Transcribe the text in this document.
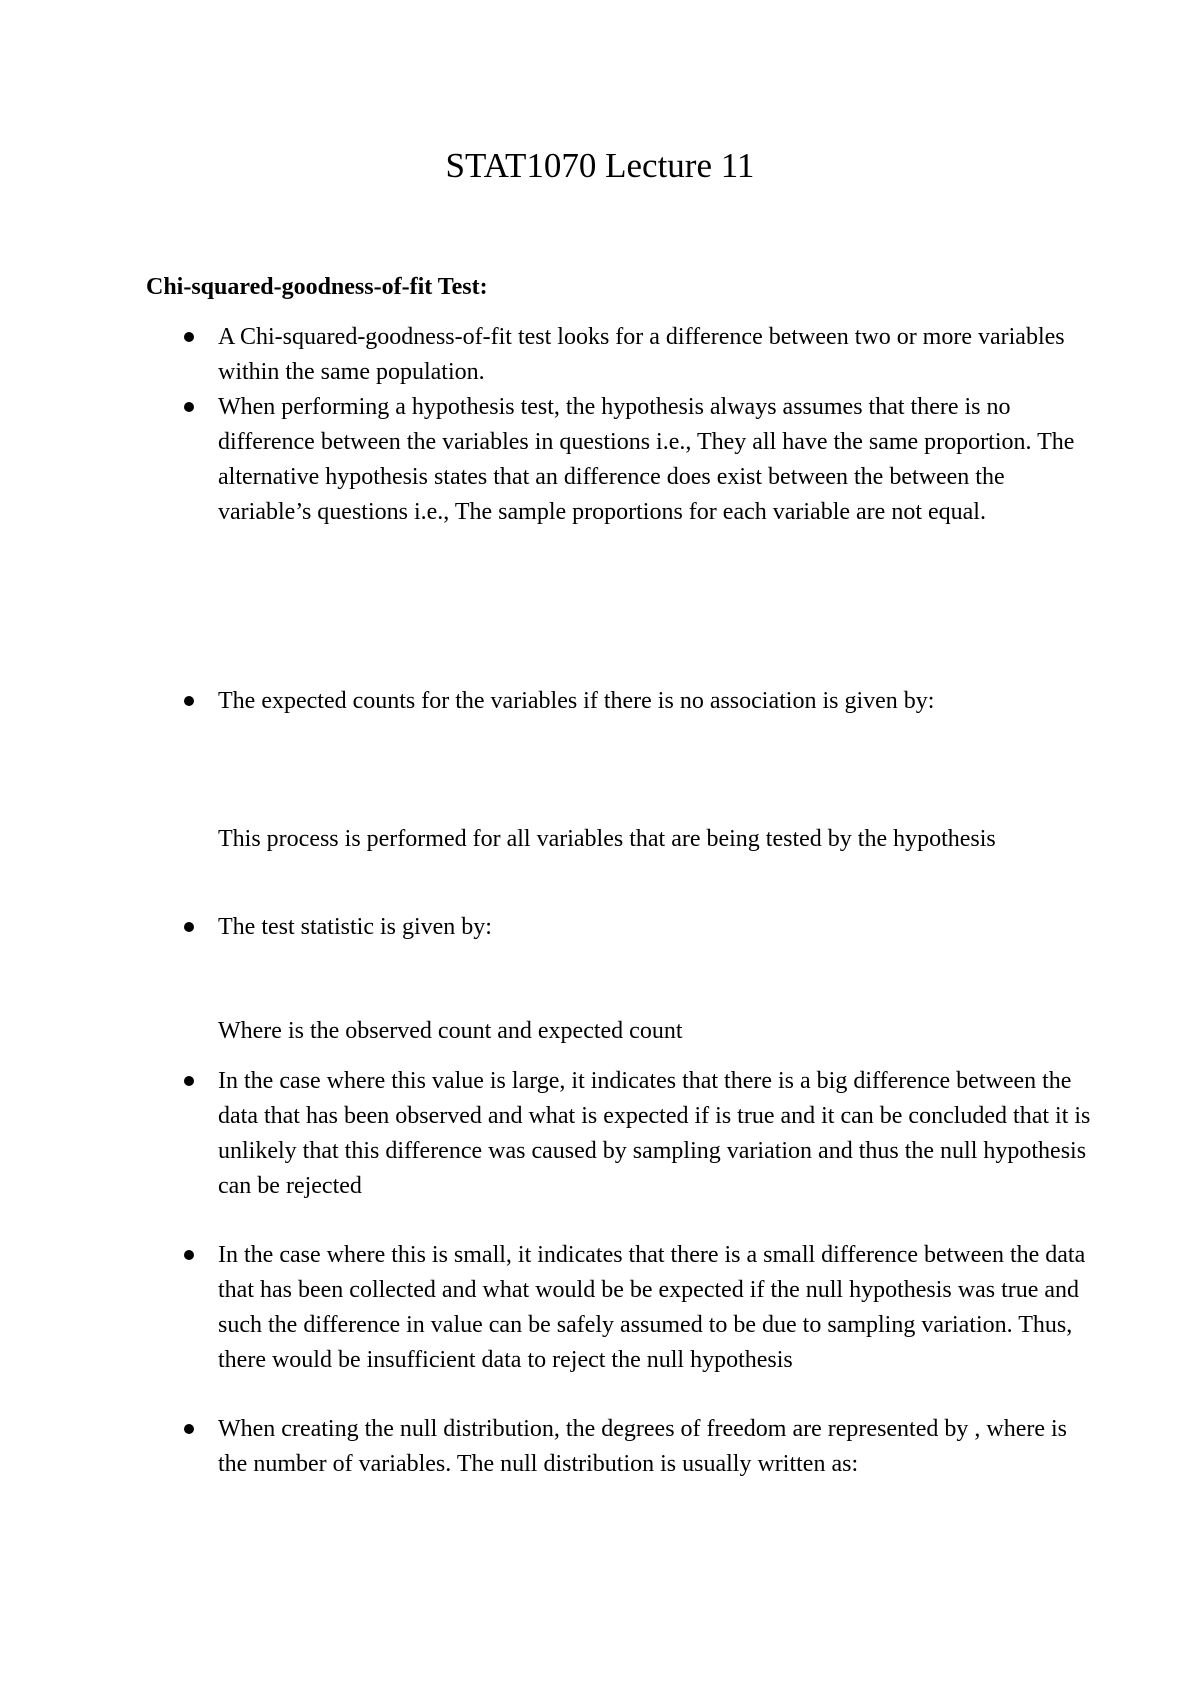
STAT1070 Lecture 11
Chi-squared-goodness-of-fit Test:

A Chi-squared-goodness-of-fit test looks for a difference between two or more variables within the same population.

When performing a hypothesis test, the hypothesis always assumes that there is no difference between the variables in questions i.e., They all have the same proportion. The alternative hypothesis states that an difference does exist between the between the variable’s questions i.e., The sample proportions for each variable are not equal.

The expected counts for the variables if there is no association is given by:

This process is performed for all variables that are being tested by the hypothesis

The test statistic is given by:

Where is the observed count and expected count

In the case where this value is large, it indicates that there is a big difference between the data that has been observed and what is expected if is true and it can be concluded that it is unlikely that this difference was caused by sampling variation and thus the null hypothesis can be rejected

In the case where this is small, it indicates that there is a small difference between the data that has been collected and what would be be expected if the null hypothesis was true and such the difference in value can be safely assumed to be due to sampling variation. Thus, there would be insufficient data to reject the null hypothesis

When creating the null distribution, the degrees of freedom are represented by , where is the number of variables. The null distribution is usually written as:
